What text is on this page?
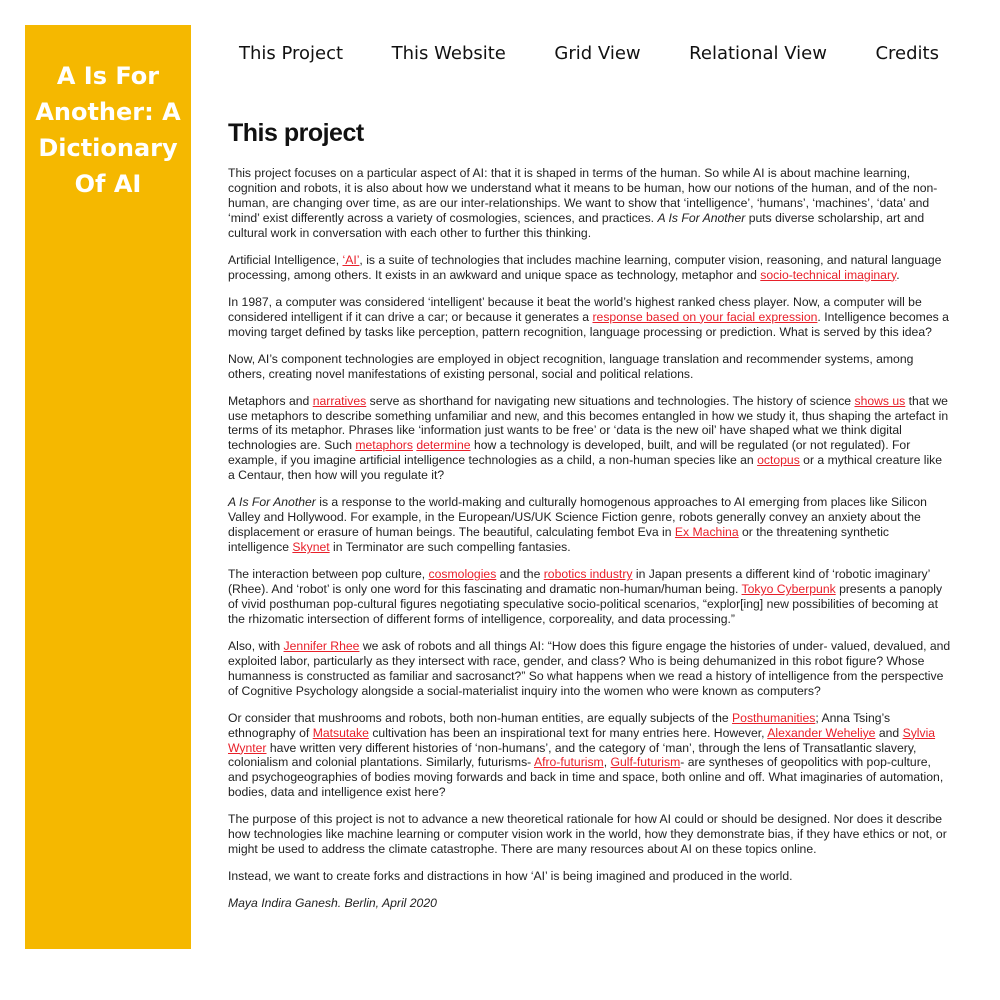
A Is For Another: A Dictionary Of AI
This Project	This Website	Grid View	Relational View	Credits
This project

This project focuses on a particular aspect of AI: that it is shaped in terms of the human. So while AI is about machine learning, cognition and robots, it is also about how we understand what it means to be human, how our notions of the human, and of the non-human, are changing over time, as are our inter-relationships. We want to show that ‘intelligence’, ‘humans’, ‘machines’, ‘data’ and ‘mind’ exist differently across a variety of cosmologies, sciences, and practices. A Is For Another puts diverse scholarship, art and cultural work in conversation with each other to further this thinking.

Artificial Intelligence, ‘AI’, is a suite of technologies that includes machine learning, computer vision, reasoning, and natural language processing, among others. It exists in an awkward and unique space as technology, metaphor and socio-technical imaginary.

In 1987, a computer was considered ‘intelligent’ because it beat the world’s highest ranked chess player. Now, a computer will be considered intelligent if it can drive a car; or because it generates a response based on your facial expression. Intelligence becomes a moving target defined by tasks like perception, pattern recognition, language processing or prediction. What is served by this idea?

Now, AI’s component technologies are employed in object recognition, language translation and recommender systems, among others, creating novel manifestations of existing personal, social and political relations.

Metaphors and narratives serve as shorthand for navigating new situations and technologies. The history of science shows us that we use metaphors to describe something unfamiliar and new, and this becomes entangled in how we study it, thus shaping the artefact in terms of its metaphor. Phrases like ‘information just wants to be free’ or ‘data is the new oil’ have shaped what we think digital technologies are. Such metaphors determine how a technology is developed, built, and will be regulated (or not regulated). For example, if you imagine artificial intelligence technologies as a child, a non-human species like an octopus or a mythical creature like a Centaur, then how will you regulate it?

A Is For Another is a response to the world-making and culturally homogenous approaches to AI emerging from places like Silicon Valley and Hollywood. For example, in the European/US/UK Science Fiction genre, robots generally convey an anxiety about the displacement or erasure of human beings. The beautiful, calculating fembot Eva in Ex Machina or the threatening synthetic intelligence Skynet in Terminator are such compelling fantasies.

The interaction between pop culture, cosmologies and the robotics industry in Japan presents a different kind of ‘robotic imaginary’ (Rhee). And ‘robot’ is only one word for this fascinating and dramatic non-human/human being. Tokyo Cyberpunk presents a panoply of vivid posthuman pop-cultural figures negotiating speculative socio-political scenarios, “explor[ing] new possibilities of becoming at the rhizomatic intersection of different forms of intelligence, corporeality, and data processing.”

Also, with Jennifer Rhee we ask of robots and all things AI: “How does this figure engage the histories of under- valued, devalued, and exploited labor, particularly as they intersect with race, gender, and class? Who is being dehumanized in this robot figure? Whose humanness is constructed as familiar and sacrosanct?” So what happens when we read a history of intelligence from the perspective of Cognitive Psychology alongside a social-materialist inquiry into the women who were known as computers?

Or consider that mushrooms and robots, both non-human entities, are equally subjects of the Posthumanities; Anna Tsing’s ethnography of Matsutake cultivation has been an inspirational text for many entries here. However, Alexander Weheliye and Sylvia Wynter have written very different histories of ‘non-humans’, and the category of ‘man’, through the lens of Transatlantic slavery, colonialism and colonial plantations. Similarly, futurisms- Afro-futurism, Gulf-futurism- are syntheses of geopolitics with pop-culture, and psychogeographies of bodies moving forwards and back in time and space, both online and off. What imaginaries of automation, bodies, data and intelligence exist here?

The purpose of this project is not to advance a new theoretical rationale for how AI could or should be designed. Nor does it describe how technologies like machine learning or computer vision work in the world, how they demonstrate bias, if they have ethics or not, or might be used to address the climate catastrophe. There are many resources about AI on these topics online.

Instead, we want to create forks and distractions in how ‘AI’ is being imagined and produced in the world.

Maya Indira Ganesh. Berlin, April 2020
